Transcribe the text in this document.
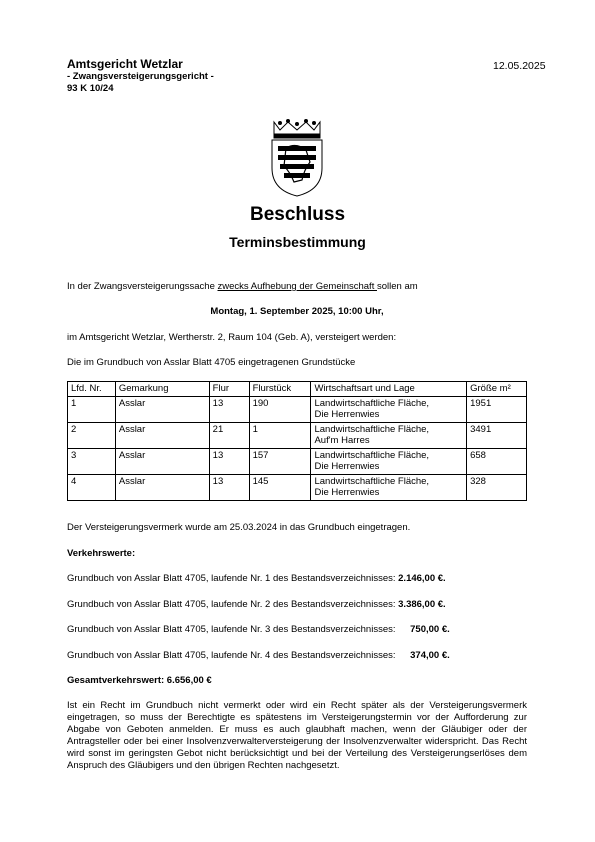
Amtsgericht Wetzlar
- Zwangsversteigerungsgericht -
93 K 10/24
12.05.2025
Beschluss
Terminsbestimmung
In der Zwangsversteigerungssache zwecks Aufhebung der Gemeinschaft sollen am
Montag, 1. September 2025, 10:00 Uhr,
im Amtsgericht Wetzlar, Wertherstr. 2, Raum 104 (Geb. A), versteigert werden:
Die im Grundbuch von Asslar Blatt 4705 eingetragenen Grundstücke
Lfd. Nr.	Gemarkung	Flur	Flurstück	Wirtschaftsart und Lage	Größe m²
1	Asslar	13	190	Landwirtschaftliche Fläche,
Die Herrenwies	1951
2	Asslar	21	1	Landwirtschaftliche Fläche,
Auf'm Harres	3491
3	Asslar	13	157	Landwirtschaftliche Fläche,
Die Herrenwies	658
4	Asslar	13	145	Landwirtschaftliche Fläche,
Die Herrenwies	328
Der Versteigerungsvermerk wurde am 25.03.2024 in das Grundbuch eingetragen.
Verkehrswerte:
Grundbuch von Asslar Blatt 4705, laufende Nr. 1 des Bestandsverzeichnisses: 2.146,00 €.
Grundbuch von Asslar Blatt 4705, laufende Nr. 2 des Bestandsverzeichnisses: 3.386,00 €.
Grundbuch von Asslar Blatt 4705, laufende Nr. 3 des Bestandsverzeichnisses: 750,00 €.
Grundbuch von Asslar Blatt 4705, laufende Nr. 4 des Bestandsverzeichnisses: 374,00 €.
Gesamtverkehrswert: 6.656,00 €
Ist ein Recht im Grundbuch nicht vermerkt oder wird ein Recht später als der Versteigerungsvermerk eingetragen, so muss der Berechtigte es spätestens im Versteigerungstermin vor der Aufforderung zur Abgabe von Geboten anmelden. Er muss es auch glaubhaft machen, wenn der Gläubiger oder der Antragsteller oder bei einer Insolvenzverwalterversteigerung der Insolvenzverwalter widerspricht. Das Recht wird sonst im geringsten Gebot nicht berücksichtigt und bei der Verteilung des Versteigerungserlöses dem Anspruch des Gläubigers und den übrigen Rechten nachgesetzt.
